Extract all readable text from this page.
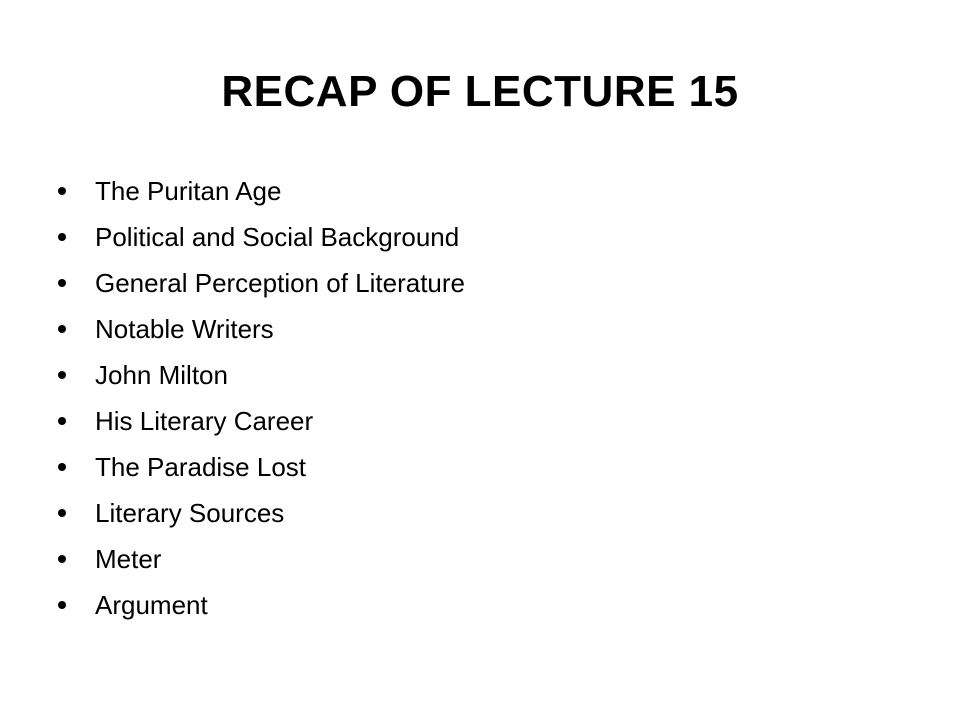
RECAP OF LECTURE 15
The Puritan Age
Political and Social Background
General Perception of Literature
Notable Writers
John Milton
His Literary Career
The Paradise Lost
Literary Sources
Meter
Argument
